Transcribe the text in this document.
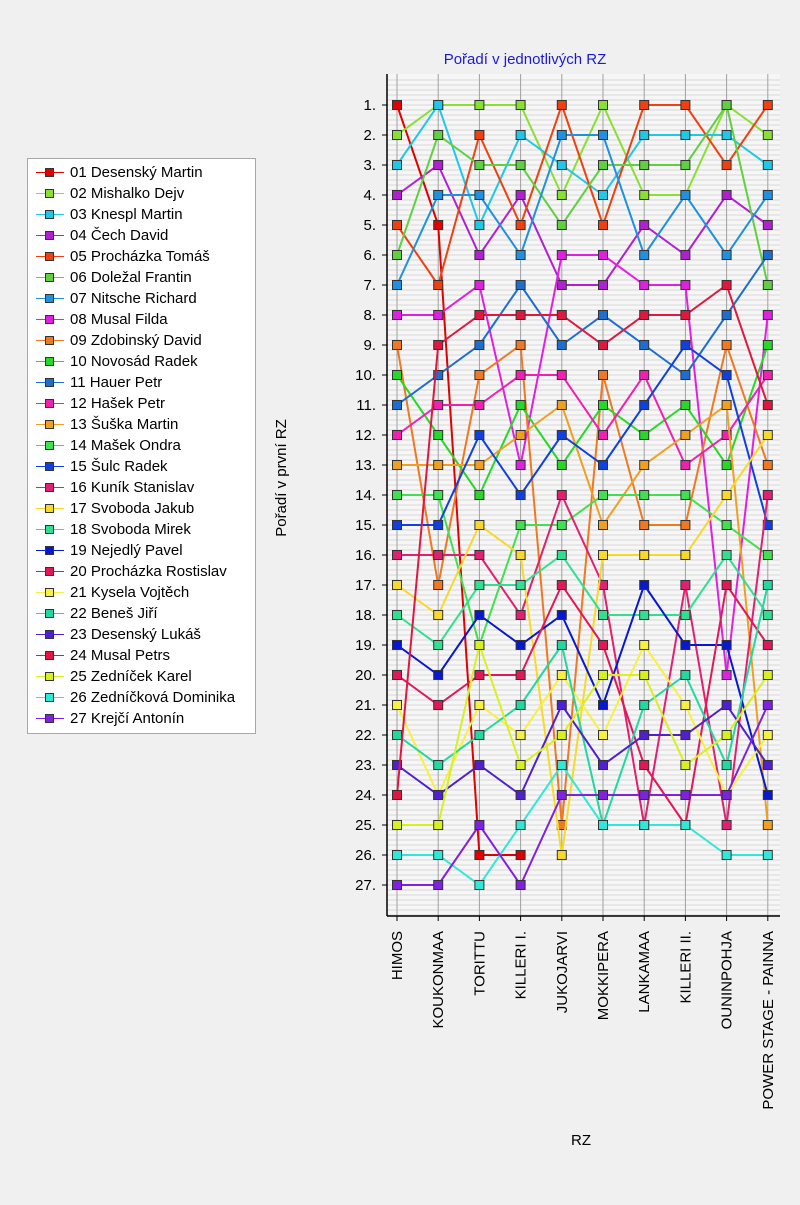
Pořadí v jednotlivých RZ
Pořadí v první RZ
RZ
1.
2.
3.
4.
5.
6.
7.
8.
9.
10.
11.
12.
13.
14.
15.
16.
17.
18.
19.
20.
21.
22.
23.
24.
25.
26.
27.
HIMOS KOUKONMAA TORITTU KILLERI I. JUKOJARVI MOKKIPERA LANKAMAA KILLERI II. OUNINPOHJA POWER STAGE - PAINNA
01 Desenský Martin
02 Mishalko Dejv
03 Knespl Martin
04 Čech David
05 Procházka Tomáš
06 Doležal Frantin
07 Nitsche Richard
08 Musal Filda
09 Zdobinský David
10 Novosád Radek
11 Hauer Petr
12 Hašek Petr
13 Šuška Martin
14 Mašek Ondra
15 Šulc Radek
16 Kuník Stanislav
17 Svoboda Jakub
18 Svoboda Mirek
19 Nejedlý Pavel
20 Procházka Rostislav
21 Kysela Vojtěch
22 Beneš Jiří
23 Desenský Lukáš
24 Musal Petrs
25 Zedníček Karel
26 Zedníčková Dominika
27 Krejčí Antonín
